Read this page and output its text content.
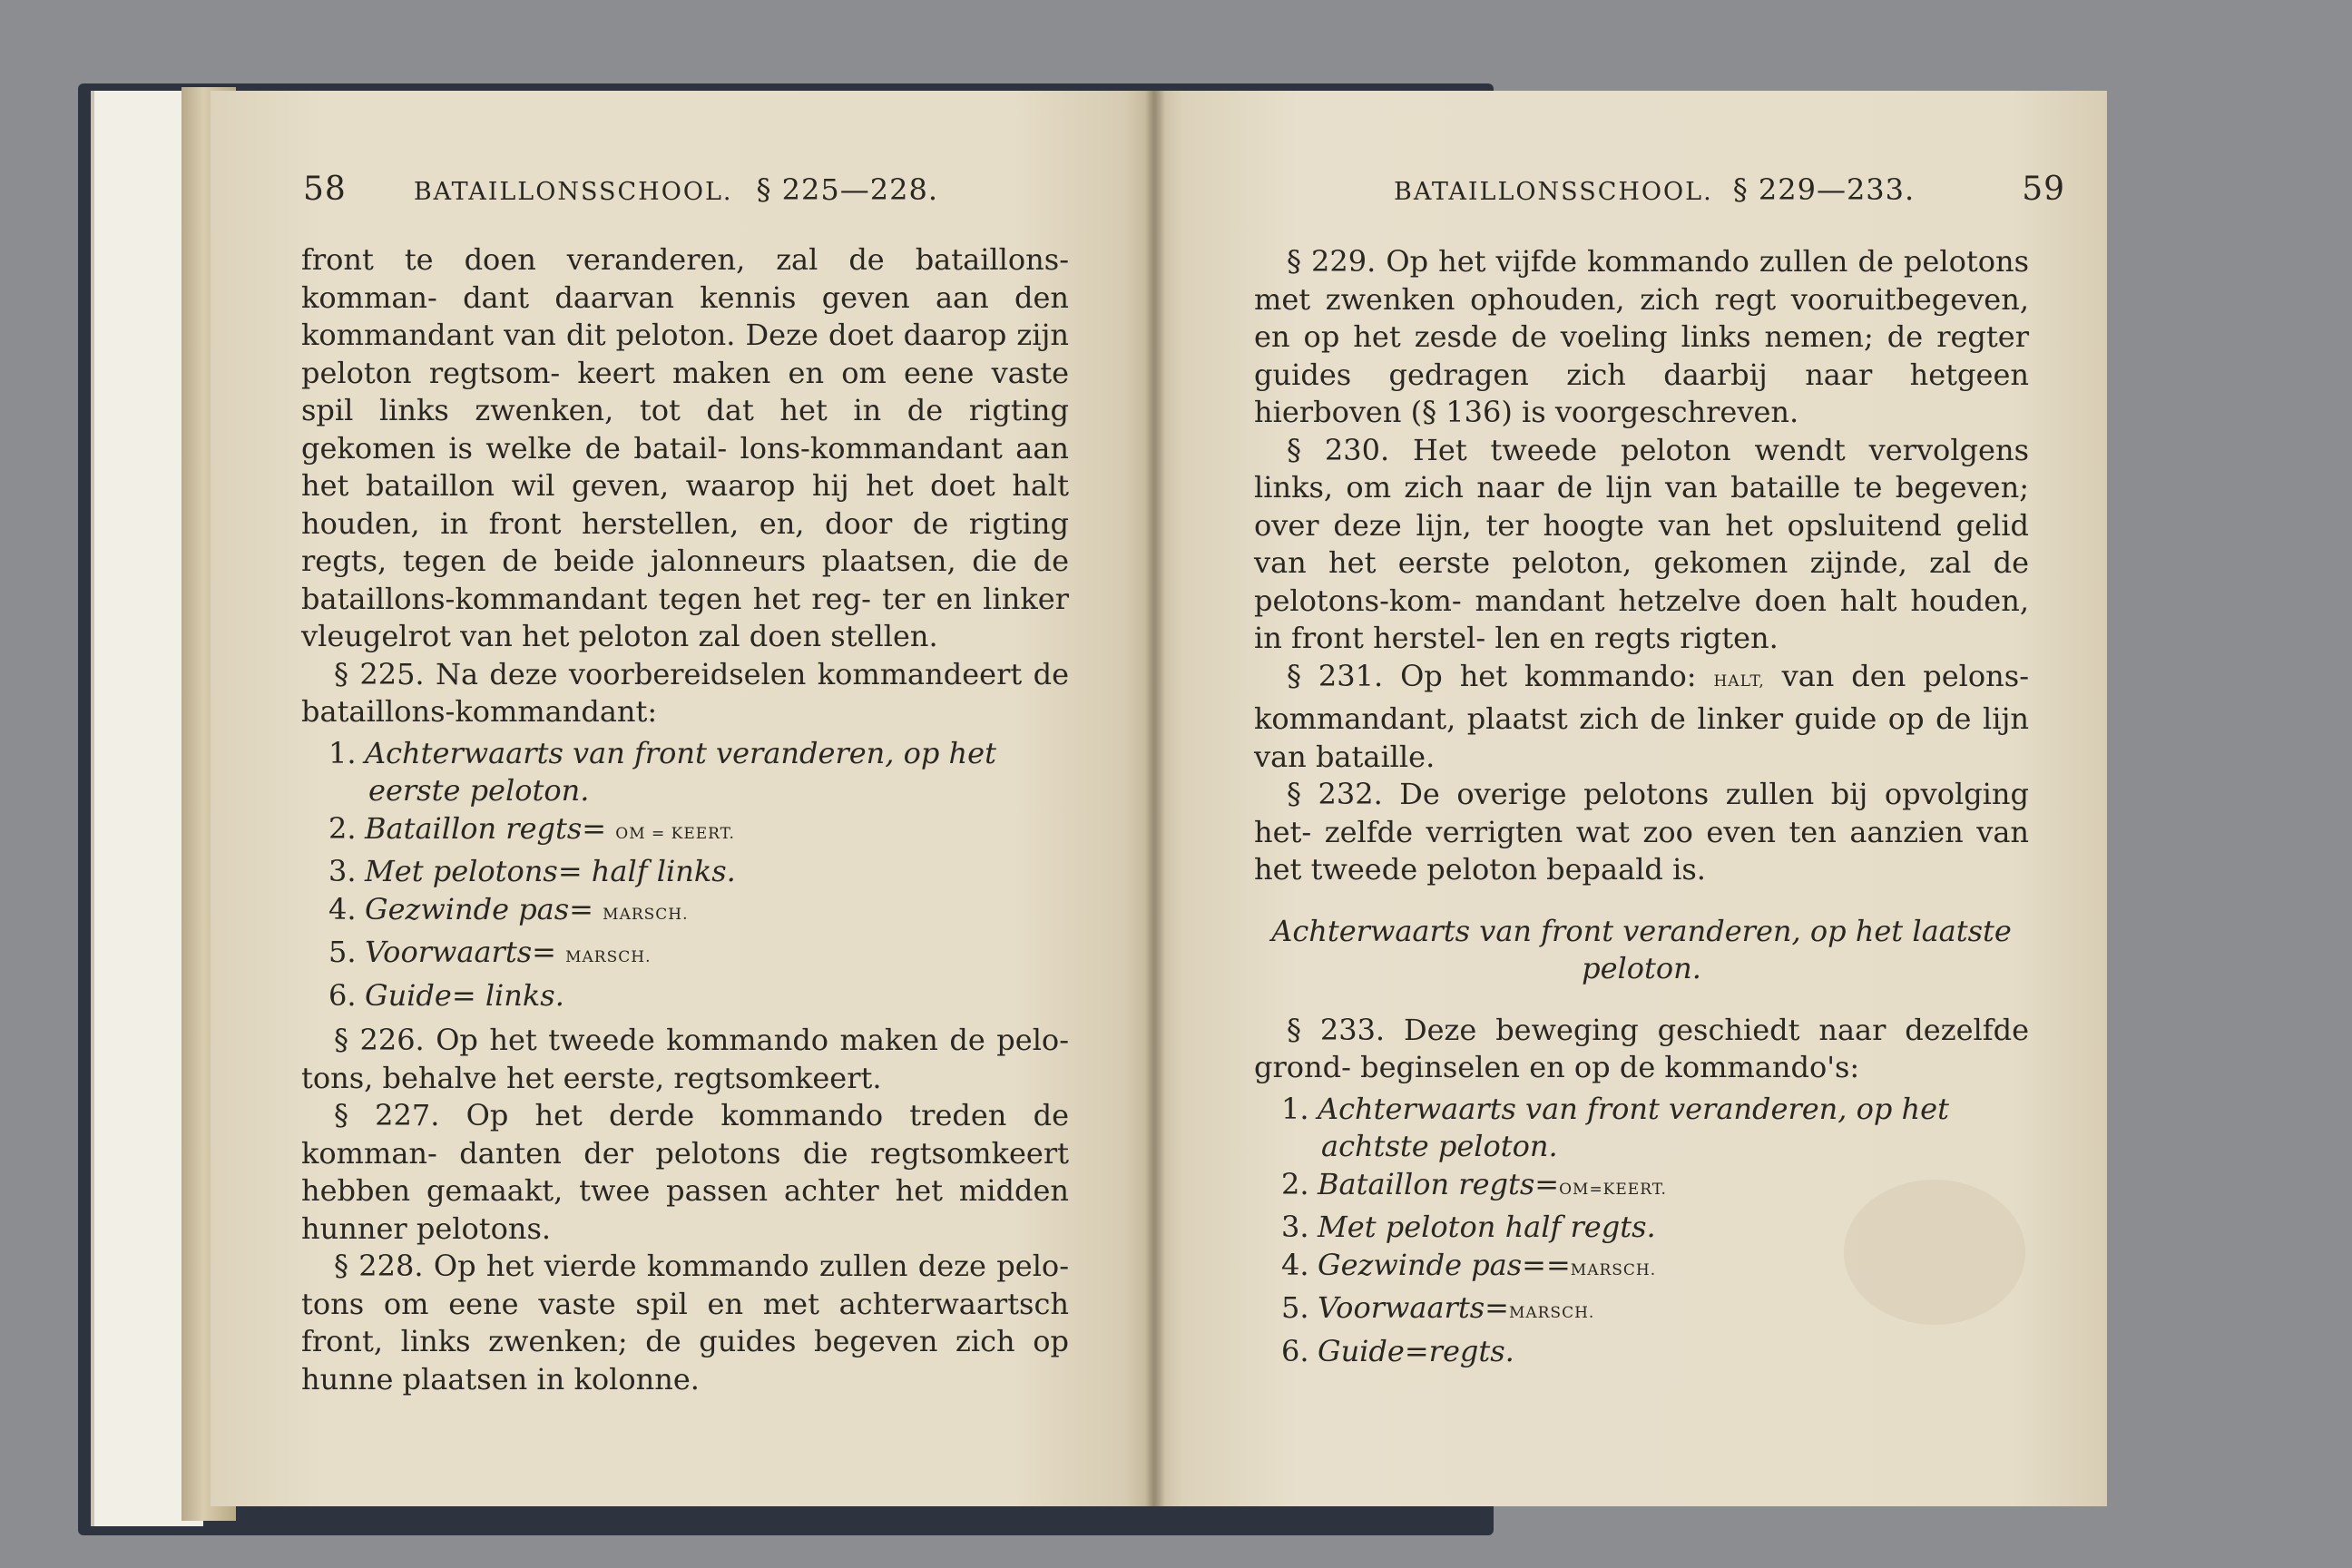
58	BATAILLONSSCHOOL. § 225—228.

front te doen veranderen, zal de bataillons-komman- dant daarvan kennis geven aan den kommandant van dit peloton. Deze doet daarop zijn peloton regtsom- keert maken en om eene vaste spil links zwenken, tot dat het in de rigting gekomen is welke de batail- lons-kommandant aan het bataillon wil geven, waarop hij het doet halt houden, in front herstellen, en, door de rigting regts, tegen de beide jalonneurs plaatsen, die de bataillons-kommandant tegen het reg- ter en linker vleugelrot van het peloton zal doen stellen.

§ 225. Na deze voorbereidselen kommandeert de bataillons-kommandant:

1. Achterwaarts van front veranderen, op het
eerste peloton.
2. Bataillon regts= OM = KEERT.
3. Met pelotons= half links.
4. Gezwinde pas= MARSCH.
5. Voorwaarts= MARSCH.
6. Guide= links.

§ 226. Op het tweede kommando maken de pelo- tons, behalve het eerste, regtsomkeert.

§ 227. Op het derde kommando treden de komman- danten der pelotons die regtsomkeert hebben gemaakt, twee passen achter het midden hunner pelotons.

§ 228. Op het vierde kommando zullen deze pelo- tons om eene vaste spil en met achterwaartsch front, links zwenken; de guides begeven zich op hunne plaatsen in kolonne.

BATAILLONSSCHOOL. § 229—233.	59

§ 229. Op het vijfde kommando zullen de pelotons met zwenken ophouden, zich regt vooruitbegeven, en op het zesde de voeling links nemen; de regter guides gedragen zich daarbij naar hetgeen hierboven (§ 136) is voorgeschreven.

§ 230. Het tweede peloton wendt vervolgens links, om zich naar de lijn van bataille te begeven; over deze lijn, ter hoogte van het opsluitend gelid van het eerste peloton, gekomen zijnde, zal de pelotons-kom- mandant hetzelve doen halt houden, in front herstel- len en regts rigten.

§ 231. Op het kommando: HALT, van den pelons- kommandant, plaatst zich de linker guide op de lijn van bataille.

§ 232. De overige pelotons zullen bij opvolging het- zelfde verrigten wat zoo even ten aanzien van het tweede peloton bepaald is.

Achterwaarts van front veranderen, op het laatste
peloton.

§ 233. Deze beweging geschiedt naar dezelfde grond- beginselen en op de kommando's:

1. Achterwaarts van front veranderen, op het
achtste peloton.
2. Bataillon regts=OM=KEERT.
3. Met peloton half regts.
4. Gezwinde pas==MARSCH.
5. Voorwaarts=MARSCH.
6. Guide=regts.
